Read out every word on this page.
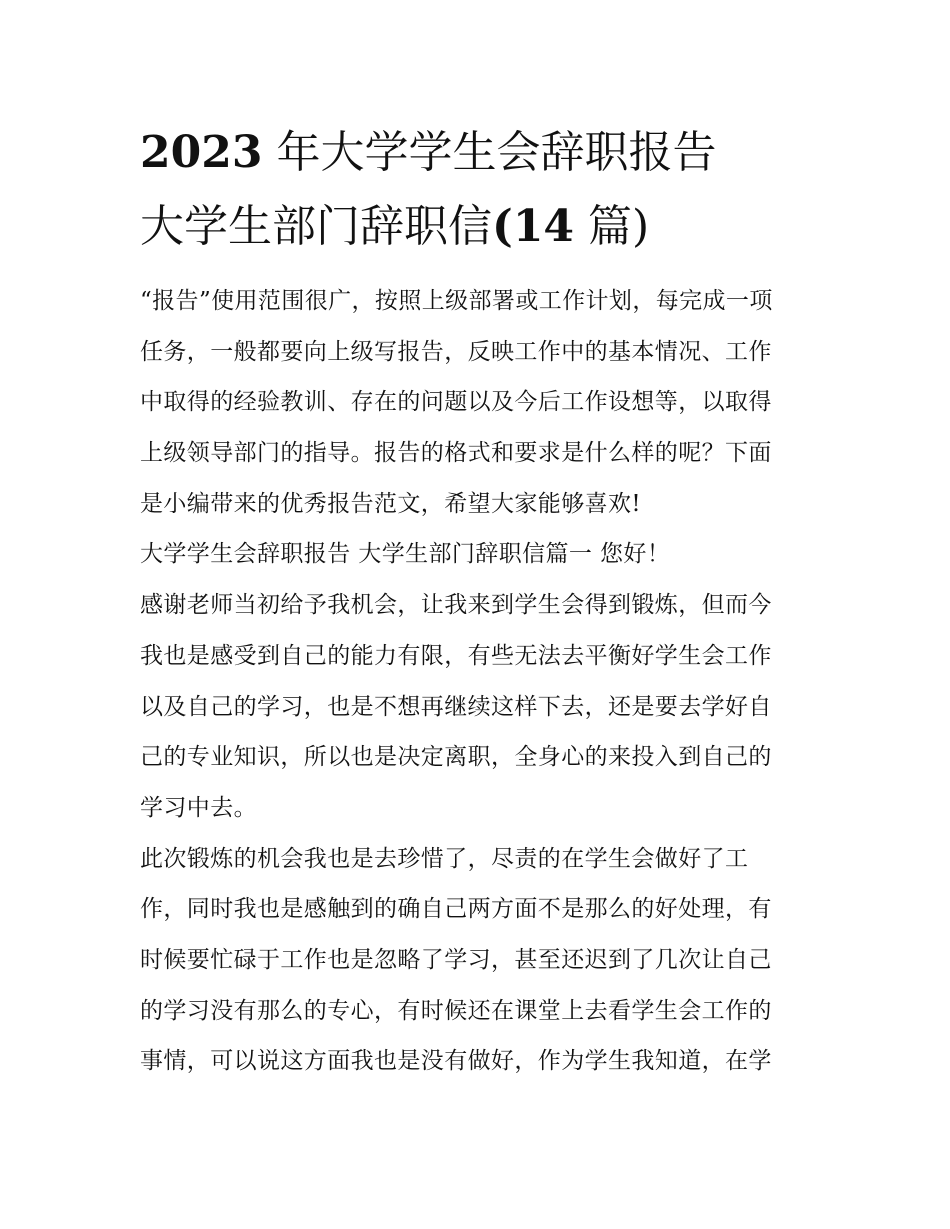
2023 年大学学生会辞职报告
大学生部门辞职信(14 篇)
“报告”使用范围很广，按照上级部署或工作计划，每完成一项
任务，一般都要向上级写报告，反映工作中的基本情况、工作
中取得的经验教训、存在的问题以及今后工作设想等，以取得
上级领导部门的指导。报告的格式和要求是什么样的呢？下面
是小编带来的优秀报告范文，希望大家能够喜欢!
大学学生会辞职报告 大学生部门辞职信篇一 您好！
感谢老师当初给予我机会，让我来到学生会得到锻炼，但而今
我也是感受到自己的能力有限，有些无法去平衡好学生会工作
以及自己的学习，也是不想再继续这样下去，还是要去学好自
己的专业知识，所以也是决定离职，全身心的来投入到自己的
学习中去。
此次锻炼的机会我也是去珍惜了，尽责的在学生会做好了工
作，同时我也是感触到的确自己两方面不是那么的好处理，有
时候要忙碌于工作也是忽略了学习，甚至还迟到了几次让自己
的学习没有那么的专心，有时候还在课堂上去看学生会工作的
事情，可以说这方面我也是没有做好，作为学生我知道，在学
